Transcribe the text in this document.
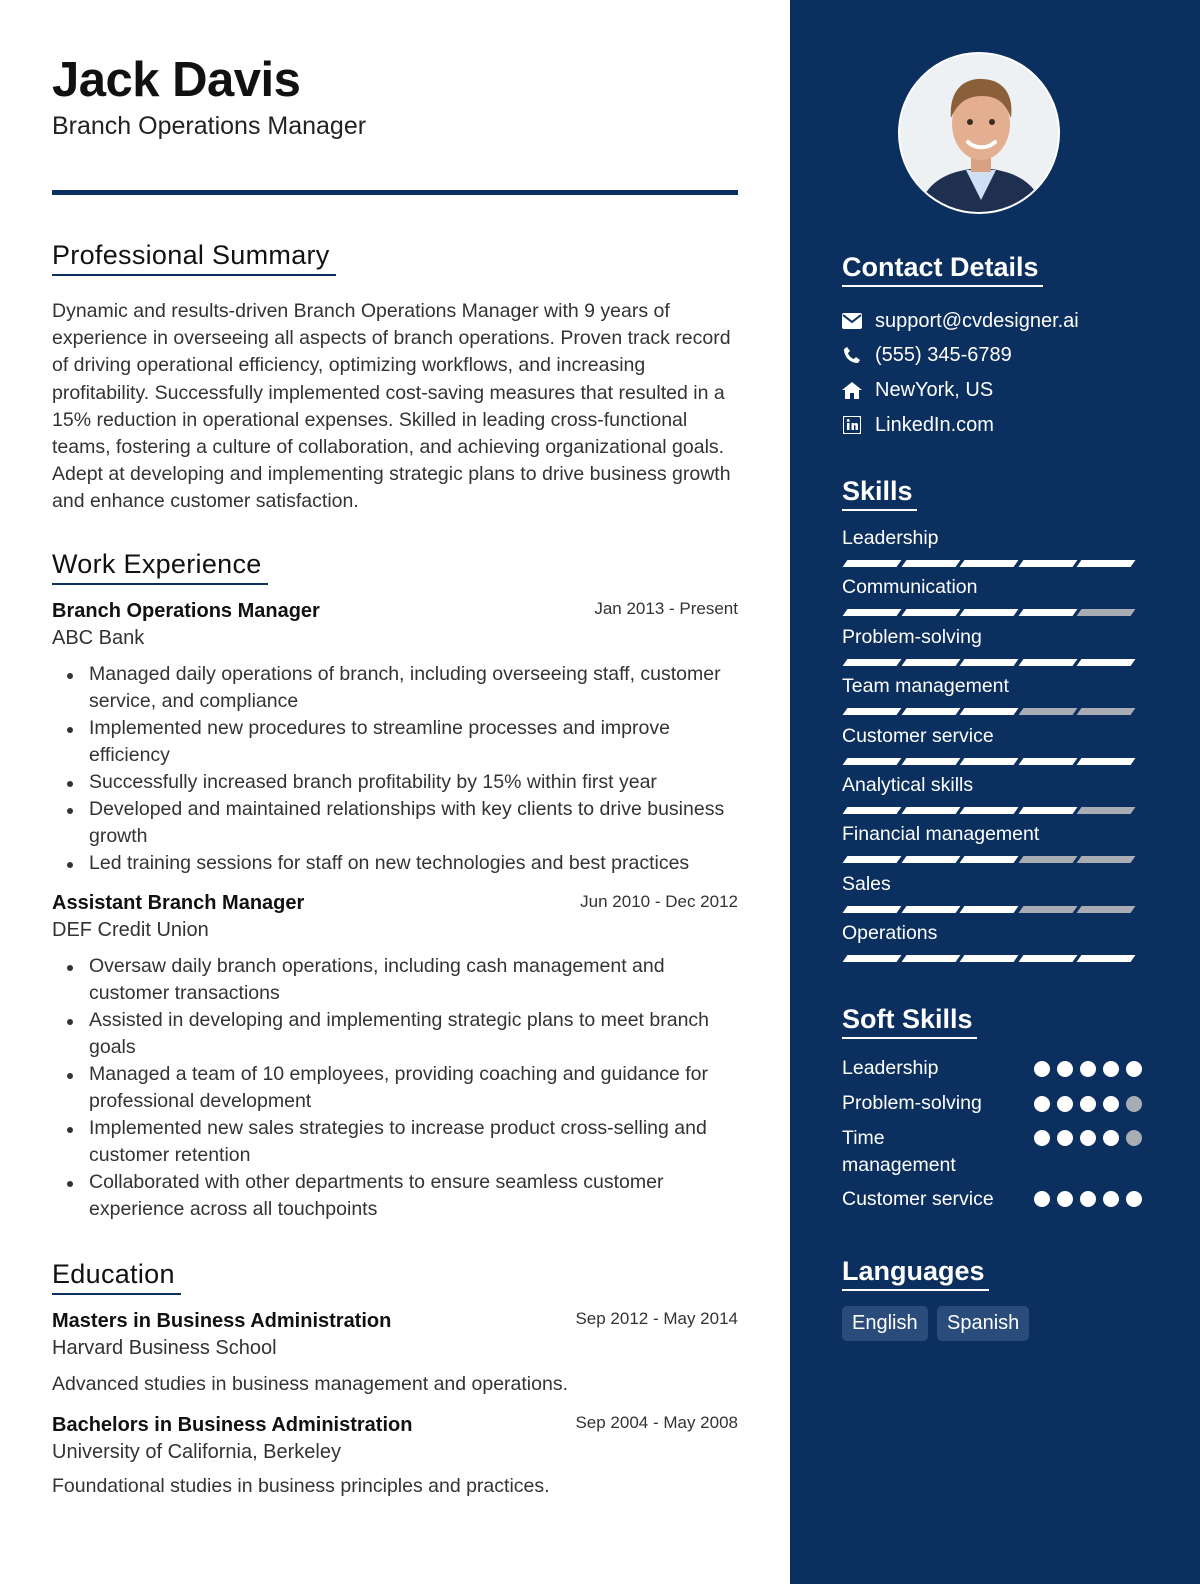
Jack Davis
Branch Operations Manager
Professional Summary
Dynamic and results-driven Branch Operations Manager with 9 years of experience in overseeing all aspects of branch operations. Proven track record of driving operational efficiency, optimizing workflows, and increasing profitability. Successfully implemented cost-saving measures that resulted in a 15% reduction in operational expenses. Skilled in leading cross-functional teams, fostering a culture of collaboration, and achieving organizational goals. Adept at developing and implementing strategic plans to drive business growth and enhance customer satisfaction.
Work Experience
Branch Operations Manager	Jan 2013 - Present
ABC Bank
Managed daily operations of branch, including overseeing staff, customer service, and compliance
Implemented new procedures to streamline processes and improve efficiency
Successfully increased branch profitability by 15% within first year
Developed and maintained relationships with key clients to drive business growth
Led training sessions for staff on new technologies and best practices
Assistant Branch Manager	Jun 2010 - Dec 2012
DEF Credit Union
Oversaw daily branch operations, including cash management and customer transactions
Assisted in developing and implementing strategic plans to meet branch goals
Managed a team of 10 employees, providing coaching and guidance for professional development
Implemented new sales strategies to increase product cross-selling and customer retention
Collaborated with other departments to ensure seamless customer experience across all touchpoints
Education
Masters in Business Administration	Sep 2012 - May 2014
Harvard Business School
Advanced studies in business management and operations.
Bachelors in Business Administration	Sep 2004 - May 2008
University of California, Berkeley
Foundational studies in business principles and practices.
Contact Details
support@cvdesigner.ai
(555) 345-6789
NewYork, US
LinkedIn.com
Skills
Leadership
Communication
Problem-solving
Team management
Customer service
Analytical skills
Financial management
Sales
Operations
Soft Skills
Leadership
Problem-solving
Time management
Customer service
Languages
English	Spanish
